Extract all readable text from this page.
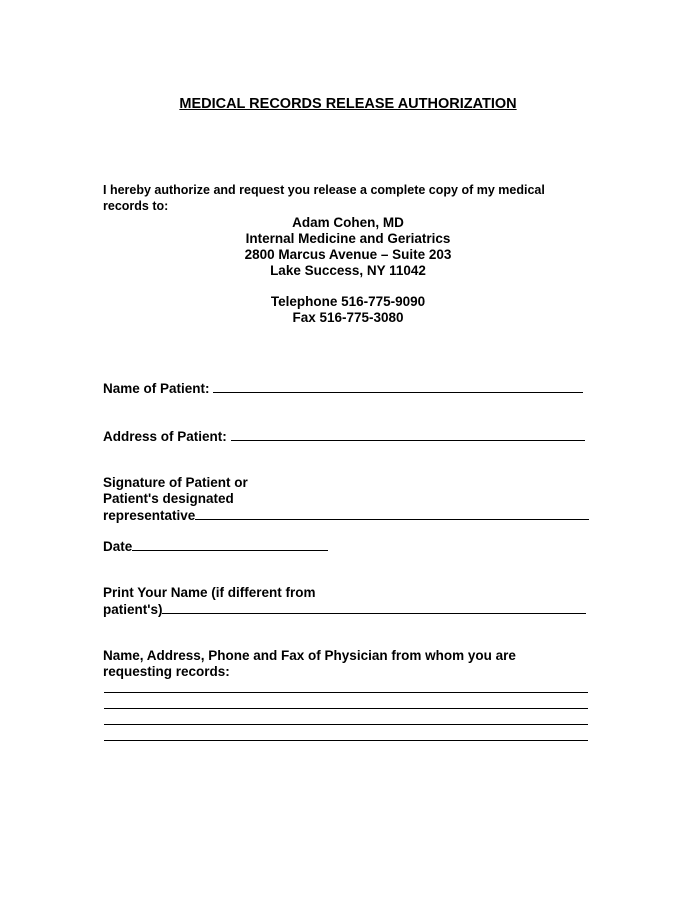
MEDICAL RECORDS RELEASE AUTHORIZATION
I hereby authorize and request you release a complete copy of my medical
records to:
Adam Cohen, MD
Internal Medicine and Geriatrics
2800 Marcus Avenue – Suite 203
Lake Success, NY 11042
Telephone 516-775-9090
Fax 516-775-3080
Name of Patient:
Address of Patient:
Signature of Patient or
Patient's designated
representative
Date
Print Your Name (if different from
patient's)
Name, Address, Phone and Fax of Physician from whom you are
requesting records:
